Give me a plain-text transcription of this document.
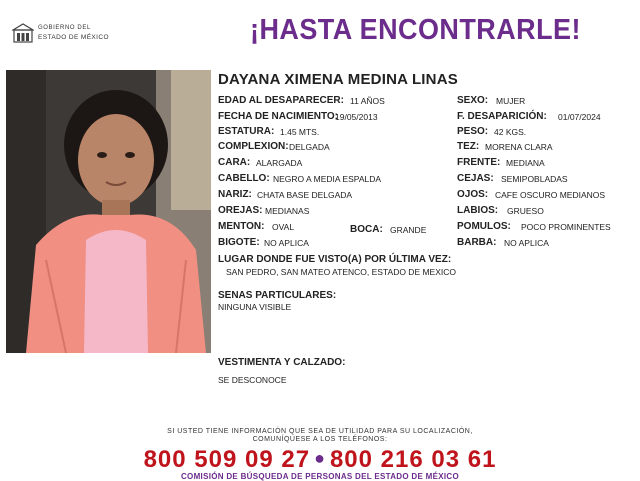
GOBIERNO DEL
ESTADO DE MÉXICO	¡HASTA ENCONTRARLE!
DAYANA XIMENA MEDINA LINAS
EDAD AL DESAPARECER: 11 AÑOS
FECHA DE NACIMIENTO:
19/05/2013
ESTATURA: 1.45 MTS.
COMPLEXION: DELGADA
CARA: ALARGADA
CABELLO: NEGRO A MEDIA ESPALDA
NARIZ: CHATA BASE DELGADA
OREJAS: MEDIANAS
MENTON: OVAL	BOCA: GRANDE
BIGOTE: NO APLICA
SEXO: MUJER
F. DESAPARICIÓN: 01/07/2024
PESO: 42 KGS.
TEZ: MORENA CLARA
FRENTE: MEDIANA
CEJAS: SEMIPOBLADAS
OJOS: CAFE OSCURO MEDIANOS
LABIOS: GRUESO
POMULOS: POCO PROMINENTES
BARBA: NO APLICA
LUGAR DONDE FUE VISTO(A) POR ÚLTIMA VEZ:
SAN PEDRO, SAN MATEO ATENCO, ESTADO DE MEXICO
SENAS PARTICULARES:
NINGUNA VISIBLE
VESTIMENTA Y CALZADO:
SE DESCONOCE
SI USTED TIENE INFORMACIÓN QUE SEA DE UTILIDAD PARA SU LOCALIZACIÓN,
COMUNÍQUESE A LOS TELÉFONOS:
800 509 09 27 ● 800 216 03 61
COMISIÓN DE BÚSQUEDA DE PERSONAS DEL ESTADO DE MÉXICO
